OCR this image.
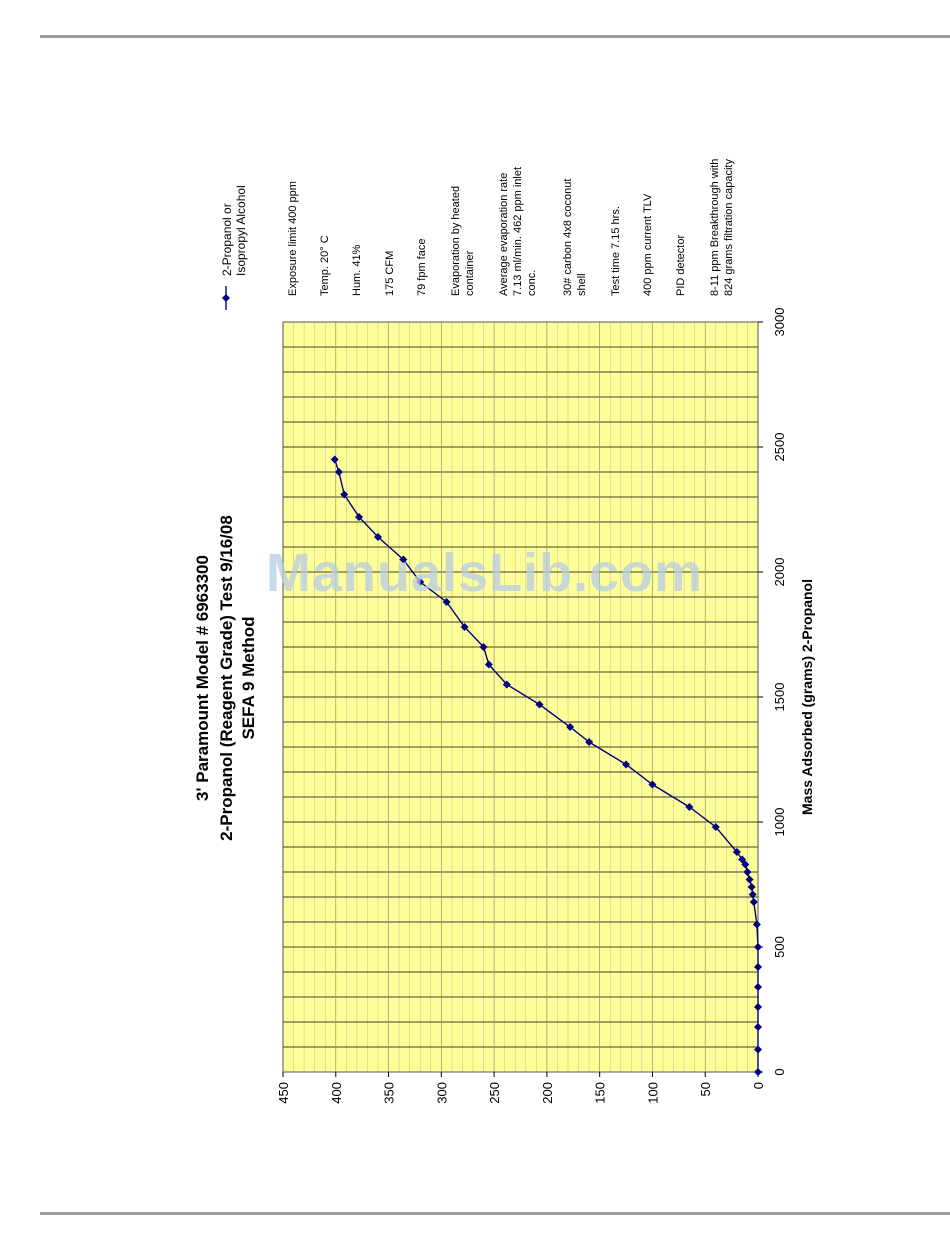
0
50
100
150
200
250
300
350
400
450
0
500
1000
1500
2000
2500
3000
Mass Adsorbed (grams) 2-Propanol
3' Paramount Model # 6963300 2-Propanol (Reagent Grade) Test 9/16/08 SEFA 9 Method
2-Propanol or Isopropyl Alcohol	Exposure limit 400 ppm Temp. 20° C Hum. 41% 175 CFM 79 fpm face Evaporation by heated container Average evaporation rate 7.13 ml/min. 462 ppm inlet conc. 30# carbon 4x8 coconut shell Test time 7.15 hrs. 400 ppm current TLV PID detector 8-11 ppm Breakthrough with 824 grams filtration capacity
ManualsLib.com
